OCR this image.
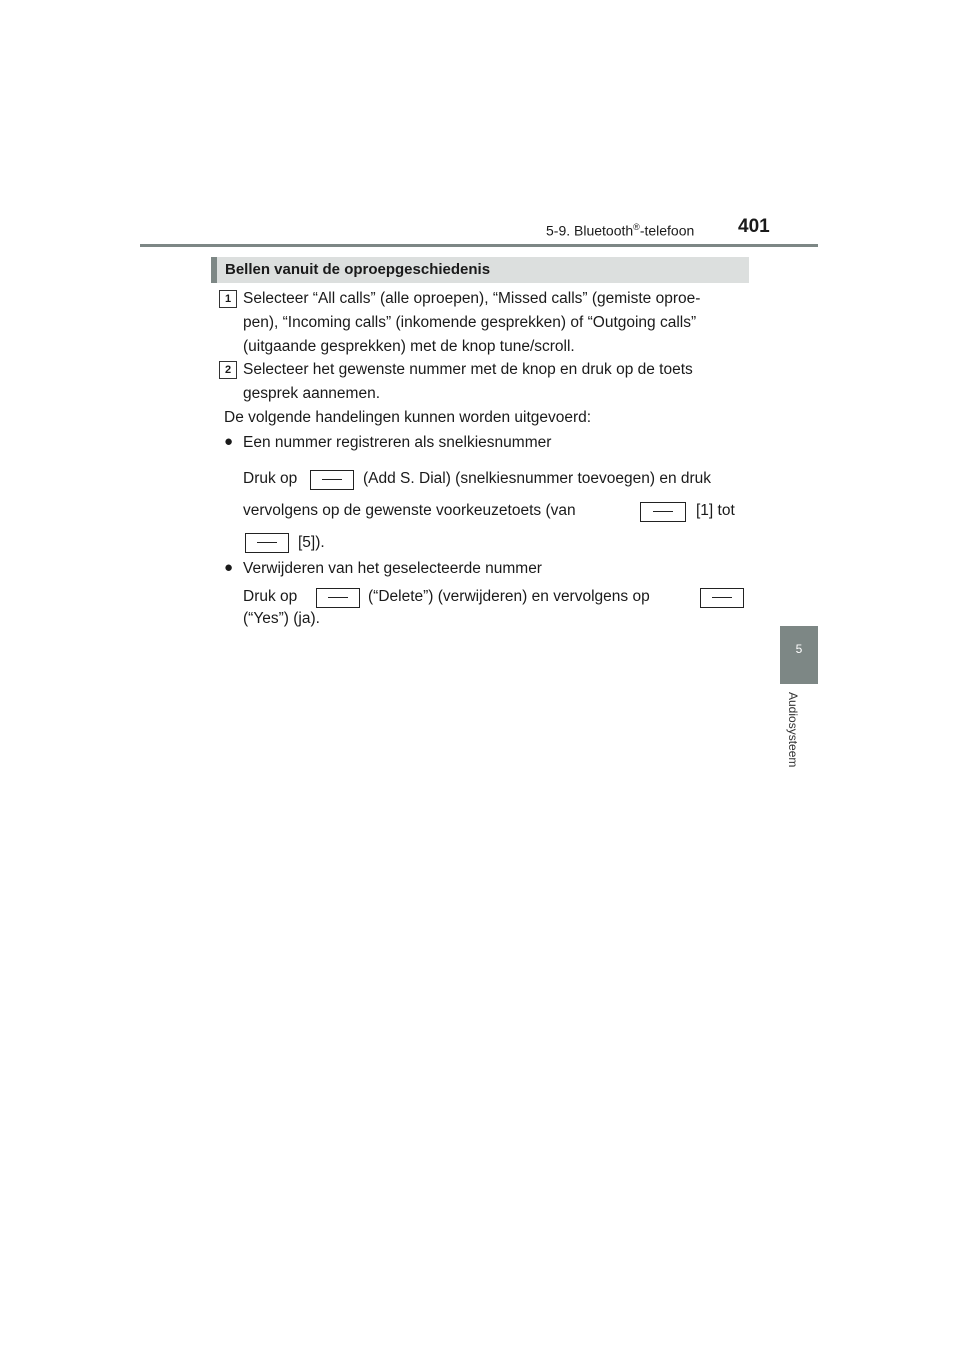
5-9. Bluetooth®-telefoon 401
5
Audiosysteem
Bellen vanuit de oproepgeschiedenis
1 Selecteer “All calls” (alle oproepen), “Missed calls” (gemiste oproe-
pen), “Incoming calls” (inkomende gesprekken) of “Outgoing calls”
(uitgaande gesprekken) met de knop tune/scroll.
2 Selecteer het gewenste nummer met de knop en druk op de toets
gesprek aannemen.
De volgende handelingen kunnen worden uitgevoerd:
● Een nummer registreren als snelkiesnummer
Druk op	(Add S. Dial) (snelkiesnummer toevoegen) en druk
vervolgens op de gewenste voorkeuzetoets (van	[1] tot
[5]).
● Verwijderen van het geselecteerde nummer
Druk op	(“Delete”) (verwijderen) en vervolgens op
(“Yes”) (ja).
